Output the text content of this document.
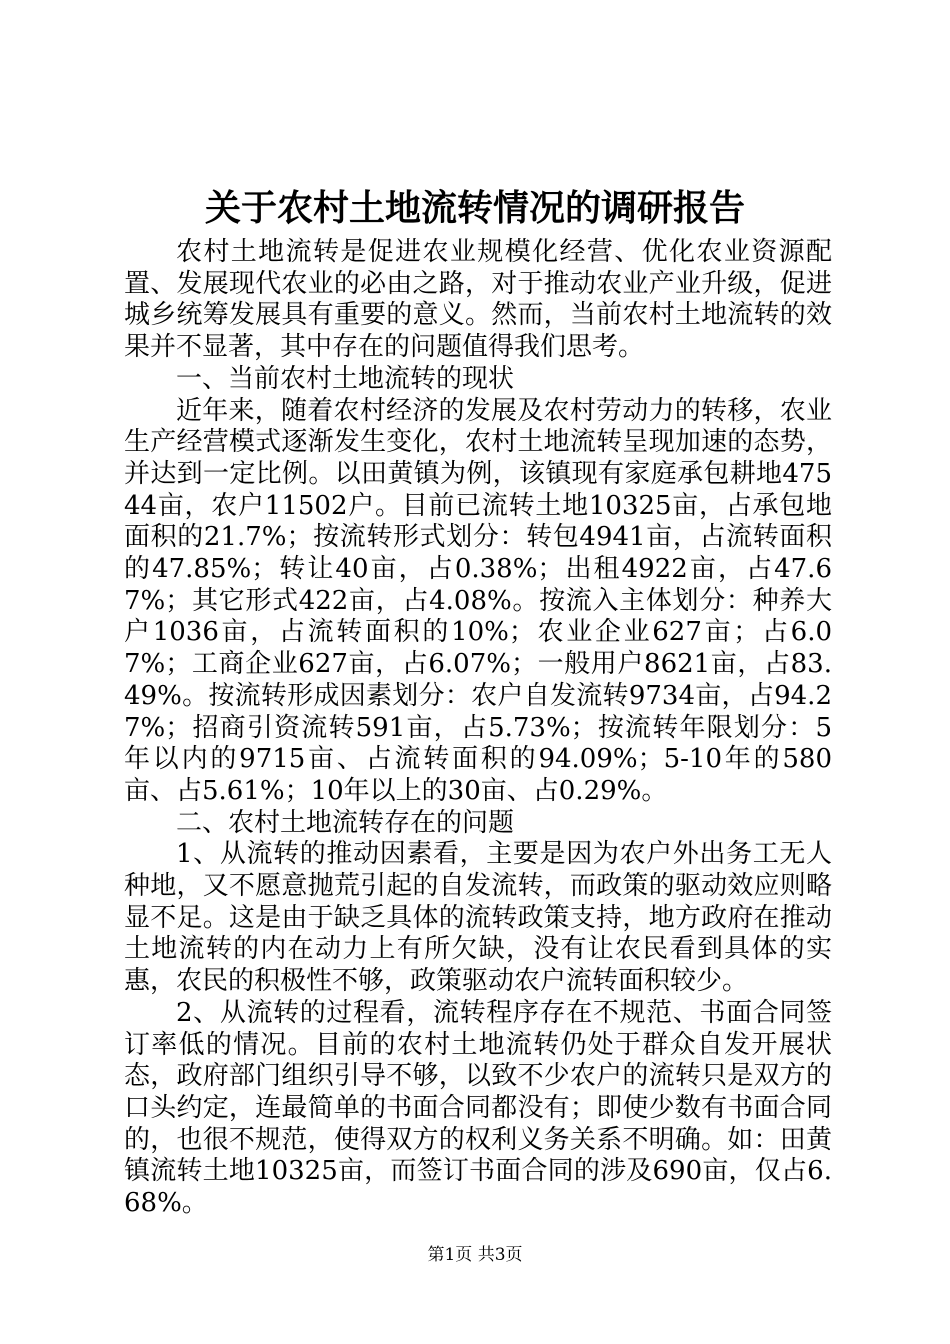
关于农村土地流转情况的调研报告

农村土地流转是促进农业规模化经营、优化农业资源配置、发展现代农业的必由之路，对于推动农业产业升级，促进城乡统筹发展具有重要的意义。然而，当前农村土地流转的效果并不显著，其中存在的问题值得我们思考。

一、当前农村土地流转的现状

近年来，随着农村经济的发展及农村劳动力的转移，农业生产经营模式逐渐发生变化，农村土地流转呈现加速的态势，并达到一定比例。以田黄镇为例，该镇现有家庭承包耕地47544亩，农户11502户。目前已流转土地10325亩，占承包地面积的21.7%；按流转形式划分：转包4941亩，占流转面积的47.85%；转让40亩，占0.38%；出租4922亩，占47.67%；其它形式422亩，占4.08%。按流入主体划分：种养大户1036亩，占流转面积的10%；农业企业627亩；占6.07%；工商企业627亩，占6.07%；一般用户8621亩，占83.49%。按流转形成因素划分：农户自发流转9734亩，占94.27%；招商引资流转591亩，占5.73%；按流转年限划分：5年以内的9715亩、占流转面积的94.09%；5-10年的580亩、占5.61%；10年以上的30亩、占0.29%。

二、农村土地流转存在的问题

1、从流转的推动因素看，主要是因为农户外出务工无人种地，又不愿意抛荒引起的自发流转，而政策的驱动效应则略显不足。这是由于缺乏具体的流转政策支持，地方政府在推动土地流转的内在动力上有所欠缺，没有让农民看到具体的实惠，农民的积极性不够，政策驱动农户流转面积较少。

2、从流转的过程看，流转程序存在不规范、书面合同签订率低的情况。目前的农村土地流转仍处于群众自发开展状态，政府部门组织引导不够，以致不少农户的流转只是双方的口头约定，连最简单的书面合同都没有；即使少数有书面合同的，也很不规范，使得双方的权利义务关系不明确。如：田黄镇流转土地10325亩，而签订书面合同的涉及690亩，仅占6.68%。

第1页 共3页
